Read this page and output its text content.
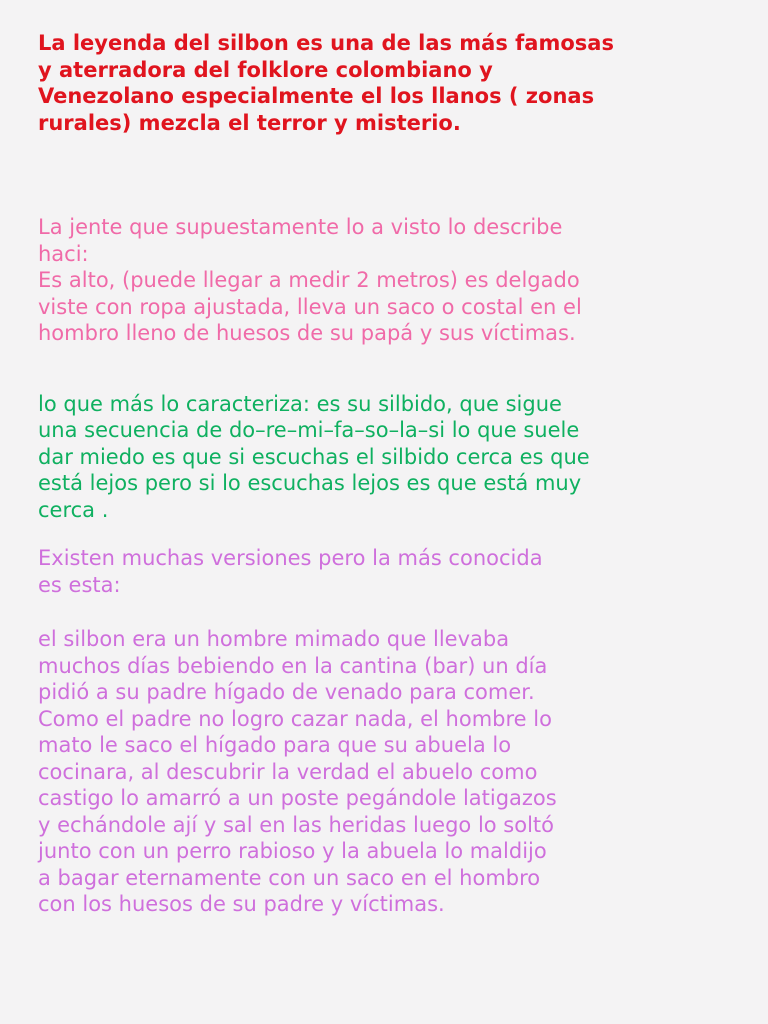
La leyenda del silbon es una de las más famosas
y aterradora del folklore colombiano y
Venezolano especialmente el los llanos ( zonas
rurales) mezcla el terror y misterio.

La jente que supuestamente lo a visto lo describe
haci:
Es alto, (puede llegar a medir 2 metros) es delgado
viste con ropa ajustada, lleva un saco o costal en el
hombro lleno de huesos de su papá y sus víctimas.

lo que más lo caracteriza: es su silbido, que sigue
una secuencia de do–re–mi–fa–so–la–si lo que suele
dar miedo es que si escuchas el silbido cerca es que
está lejos pero si lo escuchas lejos es que está muy
cerca .

Existen muchas versiones pero la más conocida
es esta:

el silbon era un hombre mimado que llevaba
muchos días bebiendo en la cantina (bar) un día
pidió a su padre hígado de venado para comer.
Como el padre no logro cazar nada, el hombre lo
mato le saco el hígado para que su abuela lo
cocinara, al descubrir la verdad el abuelo como
castigo lo amarró a un poste pegándole latigazos
y echándole ají y sal en las heridas luego lo soltó
junto con un perro rabioso y la abuela lo maldijo
a bagar eternamente con un saco en el hombro
con los huesos de su padre y víctimas.
